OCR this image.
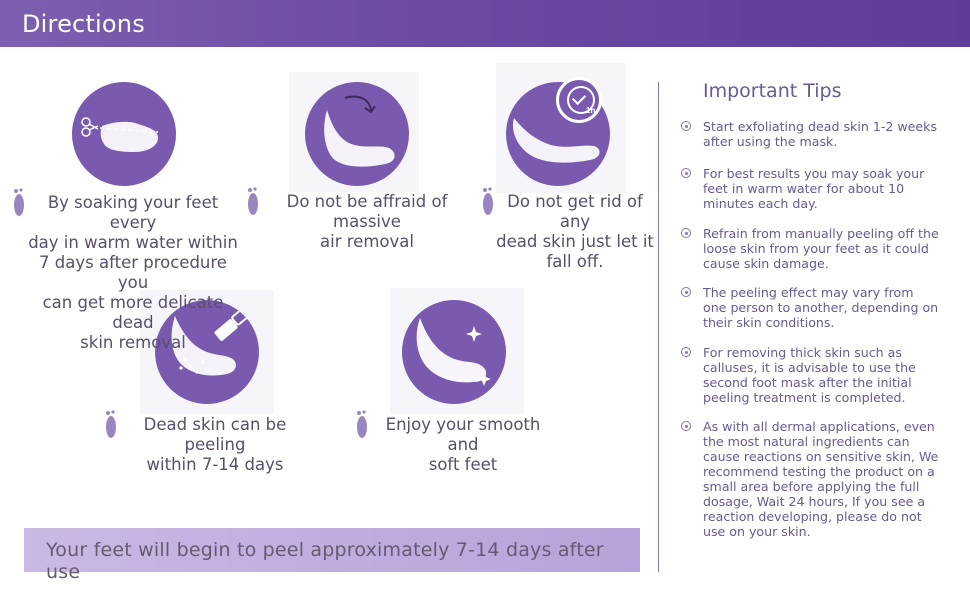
Directions
1h
By soaking your feet every
day in warm water within
7 days after procedure you
can get more delicate dead
skin removal
Do not be affraid of massive
air removal
Do not get rid of any
dead skin just let it
fall off.
Dead skin can be peeling
within 7-14 days
Enjoy your smooth and
soft feet
Important Tips
Start exfoliating dead skin 1-2 weeks after using the mask.
For best results you may soak your feet in warm water for about 10 minutes each day.
Refrain from manually peeling off the loose skin from your feet as it could cause skin damage.
The peeling effect may vary from one person to another, depending on their skin conditions.
For removing thick skin such as calluses, it is advisable to use the second foot mask after the initial peeling treatment is completed.
As with all dermal applications, even the most natural ingredients can cause reactions on sensitive skin, We recommend testing the product on a small area before applying the full dosage, Wait 24 hours, If you see a reaction developing, please do not use on your skin.
Your feet will begin to peel approximately 7-14 days after use
